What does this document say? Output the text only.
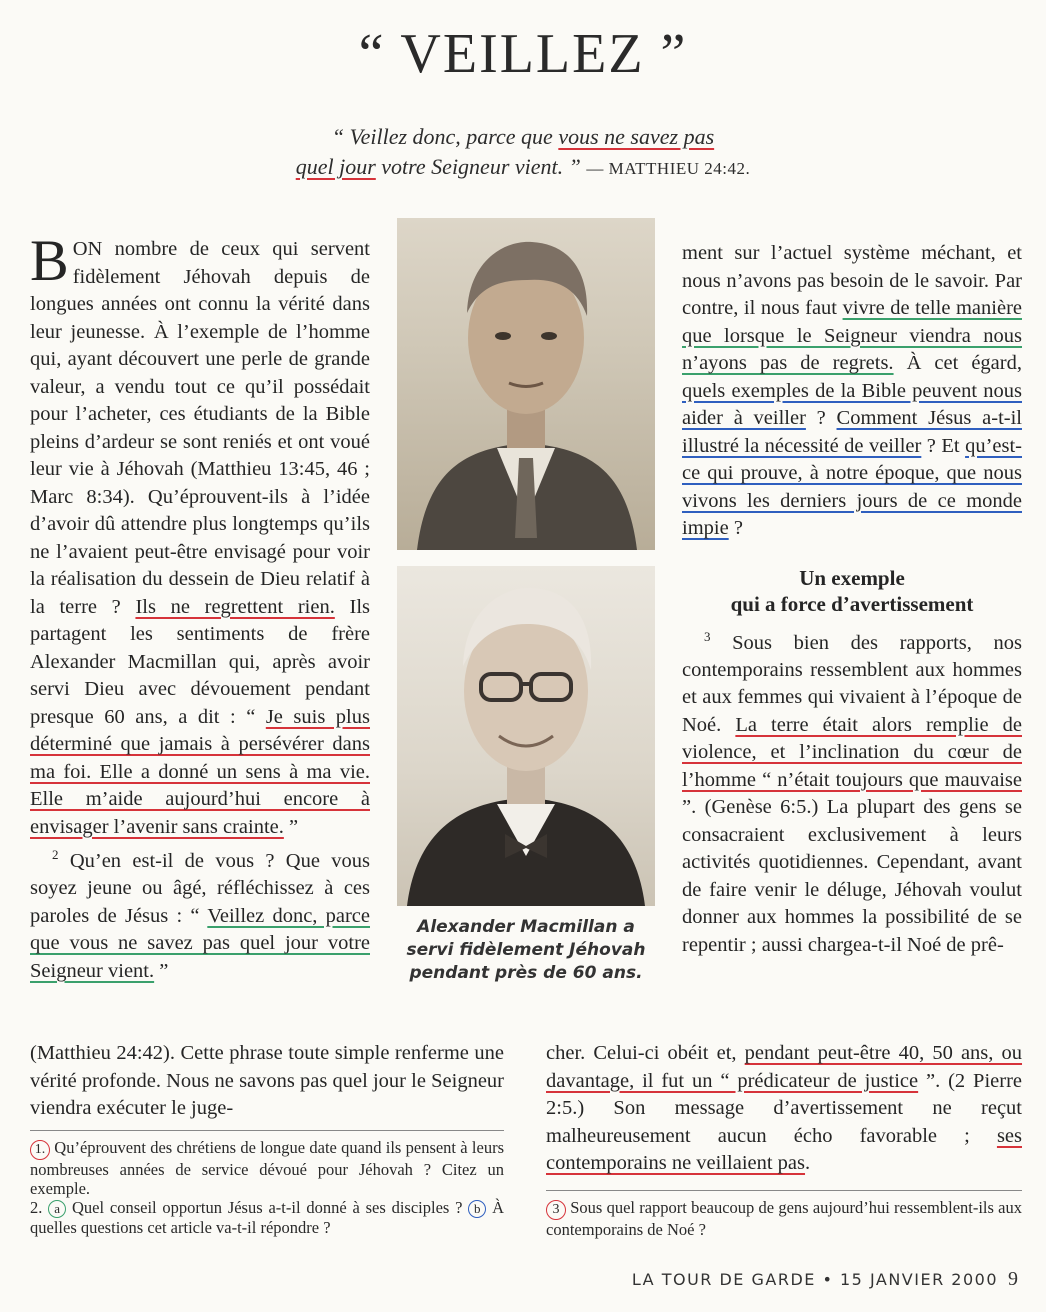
“ VEILLEZ ”
“ Veillez donc, parce que vous ne savez pas
quel jour votre Seigneur vient. ” — MATTHIEU 24:42.

BON nombre de ceux qui servent fidèlement Jéhovah depuis de longues années ont connu la vérité dans leur jeunesse. À l’exemple de l’homme qui, ayant découvert une perle de grande valeur, a vendu tout ce qu’il possédait pour l’acheter, ces étudiants de la Bible pleins d’ardeur se sont reniés et ont voué leur vie à Jéhovah (Matthieu 13:45, 46 ; Marc 8:34). Qu’éprouvent-ils à l’idée d’avoir dû attendre plus longtemps qu’ils ne l’avaient peut-être envisagé pour voir la réalisation du dessein de Dieu relatif à la terre ? Ils ne regrettent rien. Ils partagent les sentiments de frère Alexander Macmillan qui, après avoir servi Dieu avec dévouement pendant presque 60 ans, a dit : “ Je suis plus déterminé que jamais à persévérer dans ma foi. Elle a donné un sens à ma vie. Elle m’aide aujourd’hui encore à envisager l’avenir sans crainte. ”

$^2$ Qu’en est-il de vous ? Que vous soyez jeune ou âgé, réfléchissez à ces paroles de Jésus : “ Veillez donc, parce que vous ne savez pas quel jour votre Seigneur vient. ”

(Matthieu 24:42). Cette phrase toute simple renferme une vérité profonde. Nous ne savons pas quel jour le Seigneur viendra exécuter le juge-

Alexander Macmillan a servi fidèlement Jéhovah pendant près de 60 ans.

ment sur l’actuel système méchant, et nous n’avons pas besoin de le savoir. Par contre, il nous faut vivre de telle manière que lorsque le Seigneur viendra nous n’ayons pas de regrets. À cet égard, quels exemples de la Bible peuvent nous aider à veiller ? Comment Jésus a-t-il illustré la nécessité de veiller ? Et qu’est-ce qui prouve, à notre époque, que nous vivons les derniers jours de ce monde impie ?

Un exemple
qui a force d’avertissement

$^3$ Sous bien des rapports, nos contemporains ressemblent aux hommes et aux femmes qui vivaient à l’époque de Noé. La terre était alors remplie de violence, et l’inclination du cœur de l’homme “ n’était toujours que mauvaise ”. (Genèse 6:5.) La plupart des gens se consacraient exclusivement à leurs activités quotidiennes. Cependant, avant de faire venir le déluge, Jéhovah voulut donner aux hommes la possibilité de se repentir ; aussi chargea-t-il Noé de prê-

cher. Celui-ci obéit et, pendant peut-être 40, 50 ans, ou davantage, il fut un “ prédicateur de justice ”. (2 Pierre 2:5.) Son message d’avertissement ne reçut malheureusement aucun écho favorable ; ses contemporains ne veillaient pas.

1. Qu’éprouvent des chrétiens de longue date quand ils pensent à leurs nombreuses années de service dévoué pour Jéhovah ? Citez un exemple.

2. a Quel conseil opportun Jésus a-t-il donné à ses disciples ? b À quelles questions cet article va-t-il répondre ?

3 Sous quel rapport beaucoup de gens aujourd’hui ressemblent-ils aux contemporains de Noé ?

LA TOUR DE GARDE • 15 JANVIER 2000 9
